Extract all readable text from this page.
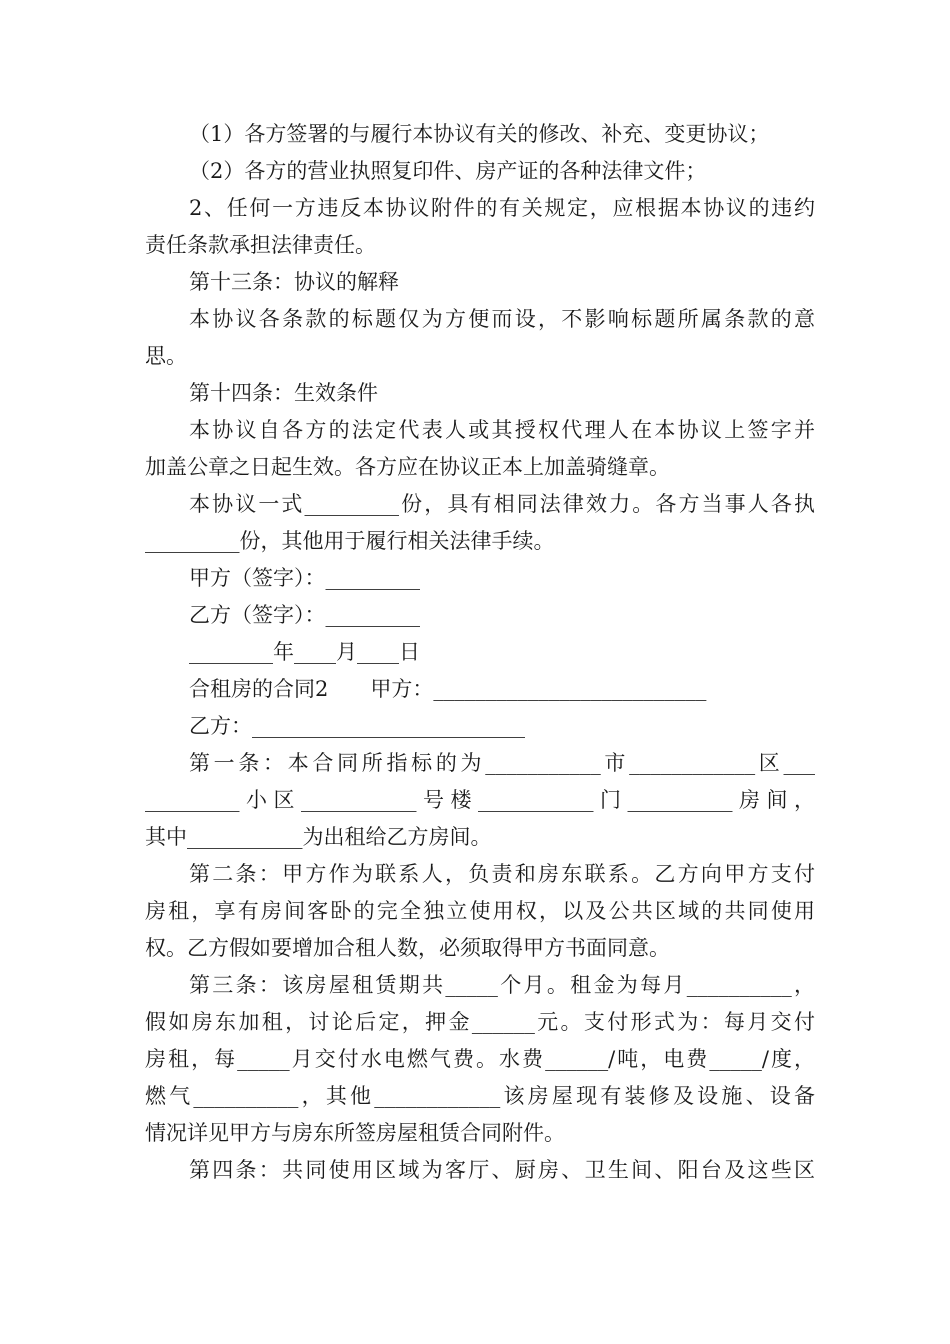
（1）各方签署的与履行本协议有关的修改、补充、变更协议；
（2）各方的营业执照复印件、房产证的各种法律文件；
2、任何一方违反本协议附件的有关规定，应根据本协议的违约
责任条款承担法律责任。
第十三条：协议的解释
本协议各条款的标题仅为方便而设，不影响标题所属条款的意
思。
第十四条：生效条件
本协议自各方的法定代表人或其授权代理人在本协议上签字并
加盖公章之日起生效。各方应在协议正本上加盖骑缝章。
本协议一式_________份，具有相同法律效力。各方当事人各执
_________份，其他用于履行相关法律手续。
甲方（签字）：_________
乙方（签字）：_________
________年____月____日
合租房的合同2　　甲方：__________________________
乙方：__________________________
第一条：本合同所指标的为___________市____________区___
_________小区___________号楼___________门__________房间，
其中___________为出租给乙方房间。
第二条：甲方作为联系人，负责和房东联系。乙方向甲方支付
房租，享有房间客卧的完全独立使用权，以及公共区域的共同使用
权。乙方假如要增加合租人数，必须取得甲方书面同意。
第三条：该房屋租赁期共_____个月。租金为每月__________，
假如房东加租，讨论后定，押金______元。支付形式为：每月交付
房租，每_____月交付水电燃气费。水费______/吨，电费_____/度，
燃气__________，其他____________该房屋现有装修及设施、设备
情况详见甲方与房东所签房屋租赁合同附件。
第四条：共同使用区域为客厅、厨房、卫生间、阳台及这些区
